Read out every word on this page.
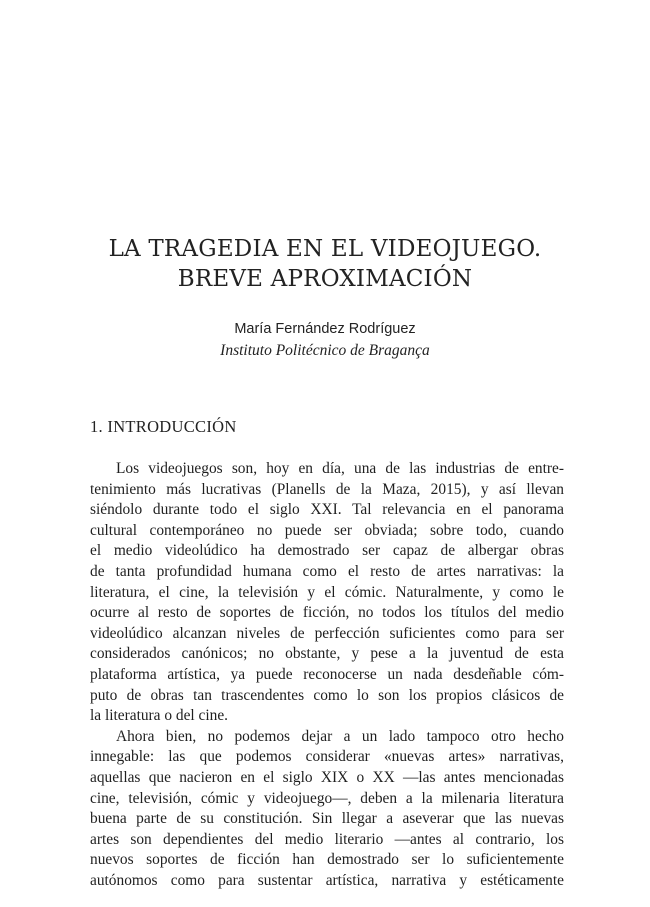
LA TRAGEDIA EN EL VIDEOJUEGO.
BREVE APROXIMACIÓN
María Fernández Rodríguez
Instituto Politécnico de Bragança
1. INTRODUCCIÓN
Los videojuegos son, hoy en día, una de las industrias de entre-
tenimiento más lucrativas (Planells de la Maza, 2015), y así llevan
siéndolo durante todo el siglo XXI. Tal relevancia en el panorama
cultural contemporáneo no puede ser obviada; sobre todo, cuando
el medio videolúdico ha demostrado ser capaz de albergar obras
de tanta profundidad humana como el resto de artes narrativas: la
literatura, el cine, la televisión y el cómic. Naturalmente, y como le
ocurre al resto de soportes de ficción, no todos los títulos del medio
videolúdico alcanzan niveles de perfección suficientes como para ser
considerados canónicos; no obstante, y pese a la juventud de esta
plataforma artística, ya puede reconocerse un nada desdeñable cóm-
puto de obras tan trascendentes como lo son los propios clásicos de
la literatura o del cine.
Ahora bien, no podemos dejar a un lado tampoco otro hecho
innegable: las que podemos considerar «nuevas artes» narrativas,
aquellas que nacieron en el siglo XIX o XX —las antes mencionadas
cine, televisión, cómic y videojuego—, deben a la milenaria literatura
buena parte de su constitución. Sin llegar a aseverar que las nuevas
artes son dependientes del medio literario —antes al contrario, los
nuevos soportes de ficción han demostrado ser lo suficientemente
autónomos como para sustentar artística, narrativa y estéticamente
